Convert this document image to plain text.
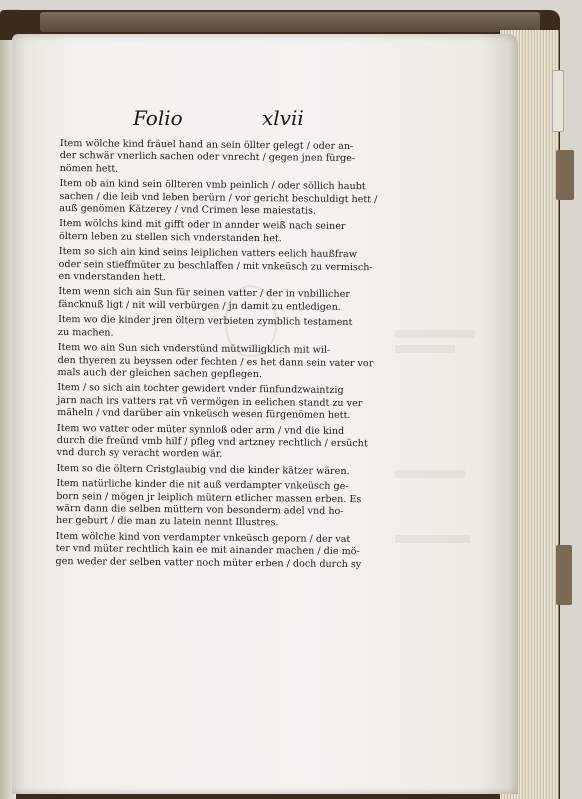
Folio	xlvii
Item wölche kind fräuel hand an sein öllter gelegt / oder an-
der schwär vnerlich sachen oder vnrecht / gegen jnen fürge-
nömen hett.
Item ob ain kind sein öllteren vmb peinlich / oder söllich haubt
sachen / die leib vnd leben berürn / vor gericht beschuldigt hett /
auß genömen Kätzerey / vnd Crimen lese maiestatis.
Item wölchs kind mit gifft oder in annder weiß nach seiner
öltern leben zu stellen sich vnderstanden het.
Item so sich ain kind seins leiplichen vatters eelich haußfraw
oder sein stieffmüter zu beschlaffen / mit vnkeüsch zu vermisch-
en vnderstanden hett.
Item wenn sich ain Sun für seinen vatter / der in vnbillicher
fäncknuß ligt / nit will verbürgen / jn damit zu entledigen.
Item wo die kinder jren öltern verbieten zymblich testament
zu machen.
Item wo ain Sun sich vnderstünd mütwilligklich mit wil-
den thyeren zu beyssen oder fechten / es het dann sein vater vor
mals auch der gleichen sachen gepflegen.
Item / so sich ain tochter gewidert vnder fünfundzwaintzig
jarn nach irs vatters rat vñ vermögen in eelichen standt zu ver
mäheln / vnd darüber ain vnkeüsch wesen fürgenömen hett.
Item wo vatter oder müter synnloß oder arm / vnd die kind
durch die freünd vmb hilf / pfleg vnd artzney rechtlich / ersücht
vnd durch sy veracht worden wär.
Item so die öltern Cristglaubig vnd die kinder kätzer wären.
Item natürliche kinder die nit auß verdampter vnkeüsch ge-
born sein / mögen jr leiplich mütern etlicher massen erben. Es
wärn dann die selben müttern von besonderm adel vnd ho-
her geburt / die man zu latein nennt Illustres.
Item wölche kind von verdampter vnkeüsch geporn / der vat
ter vnd müter rechtlich kain ee mit ainander machen / die mö-
gen weder der selben vatter noch müter erben / doch durch sy
